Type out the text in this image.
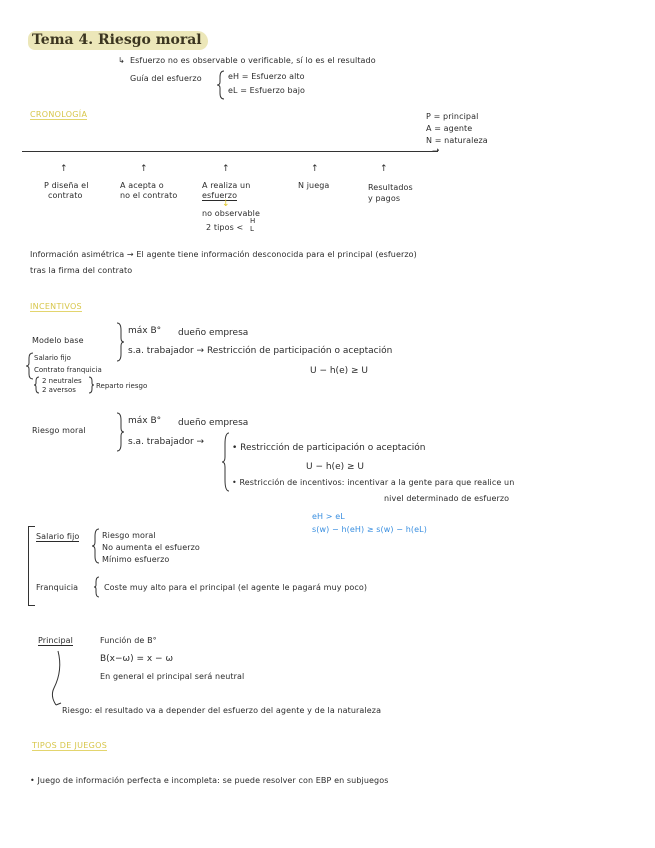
Tema 4. Riesgo moral
↳ Esfuerzo no es observable o verificable, sí lo es el resultado
Guía del esfuerzo	eH = Esfuerzo alto
eL = Esfuerzo bajo
CRONOLOGÍA	P = principal
A = agente
N = naturaleza
➝
↑	↑	↑	↑	↑
P diseña el
contrato
A acepta o
no el contrato
A realiza un
esfuerzo
N juega	Resultados
y pagos
↓
no observable
2 tipos <
H
L
Información asimétrica → El agente tiene información desconocida para el principal (esfuerzo)
tras la firma del contrato
INCENTIVOS
Modelo base
máx B° dueño empresa
s.a. trabajador → Restricción de participación o aceptación
U − h(e) ≥ U
Salario fijo
Contrato franquicia
2 neutrales
2 aversos	Reparto riesgo
Riesgo moral
máx B° dueño empresa
s.a. trabajador →
• Restricción de participación o aceptación
U − h(e) ≥ U
• Restricción de incentivos: incentivar a la gente para que realice un
nivel determinado de esfuerzo
eH > eL
s(w) − h(eH) ≥ s(w) − h(eL)
Salario fijo	Riesgo moral
No aumenta el esfuerzo
Mínimo esfuerzo
Franquicia	Coste muy alto para el principal (el agente le pagará muy poco)
Principal	Función de B°
B(x−ω) = x − ω
En general el principal será neutral
Riesgo: el resultado va a depender del esfuerzo del agente y de la naturaleza
TIPOS DE JUEGOS
• Juego de información perfecta e incompleta: se puede resolver con EBP en subjuegos
